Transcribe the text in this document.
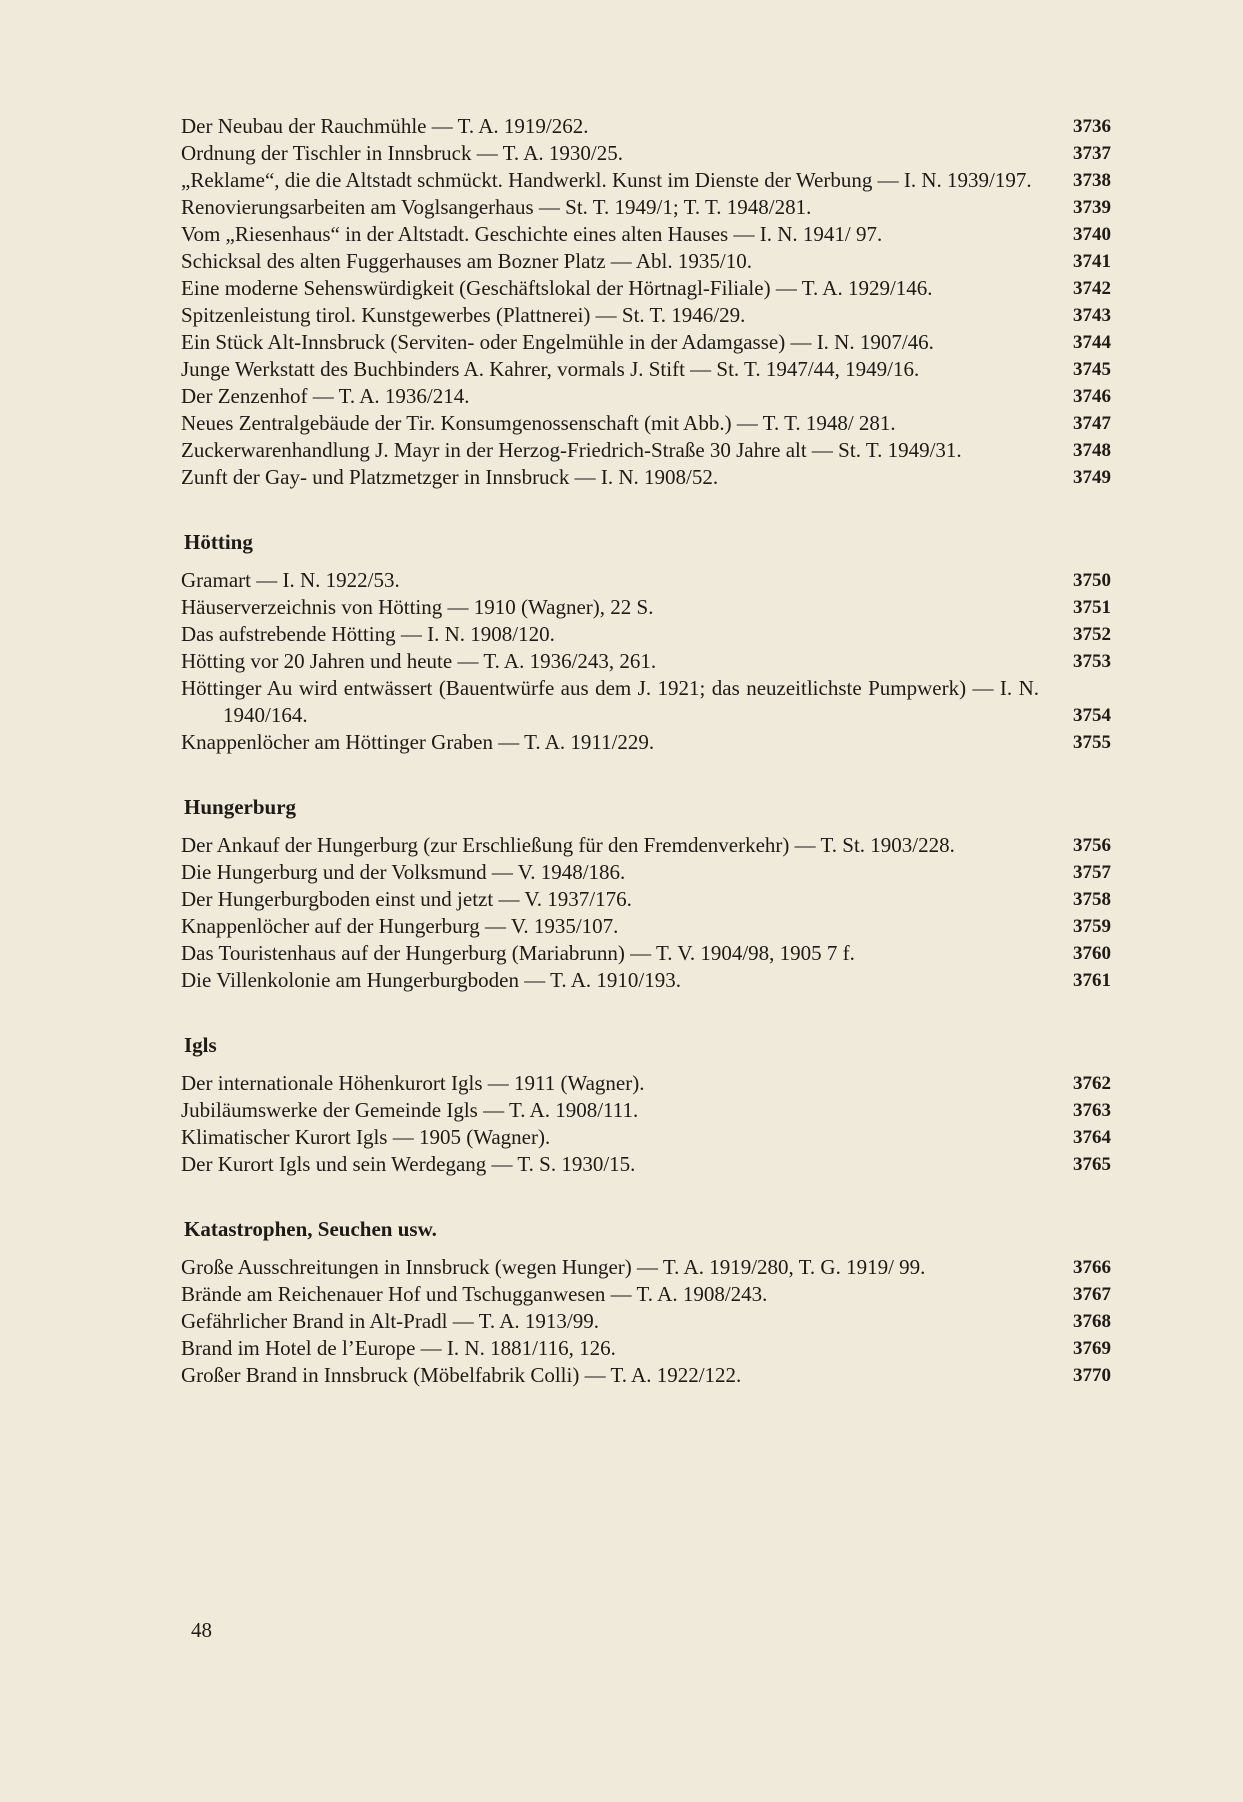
Der Neubau der Rauchmühle — T. A. 1919/262.	3736
Ordnung der Tischler in Innsbruck — T. A. 1930/25.	3737
„Reklame“, die die Altstadt schmückt. Handwerkl. Kunst im Dienste der Werbung — I. N. 1939/197.	3738
Renovierungsarbeiten am Voglsangerhaus — St. T. 1949/1; T. T. 1948/281.	3739
Vom „Riesenhaus“ in der Altstadt. Geschichte eines alten Hauses — I. N. 1941/ 97.	3740
Schicksal des alten Fuggerhauses am Bozner Platz — Abl. 1935/10.	3741
Eine moderne Sehenswürdigkeit (Geschäftslokal der Hörtnagl-Filiale) — T. A. 1929/146.	3742
Spitzenleistung tirol. Kunstgewerbes (Plattnerei) — St. T. 1946/29.	3743
Ein Stück Alt-Innsbruck (Serviten- oder Engelmühle in der Adamgasse) — I. N. 1907/46.	3744
Junge Werkstatt des Buchbinders A. Kahrer, vormals J. Stift — St. T. 1947/44, 1949/16.	3745
Der Zenzenhof — T. A. 1936/214.	3746
Neues Zentralgebäude der Tir. Konsumgenossenschaft (mit Abb.) — T. T. 1948/ 281.	3747
Zuckerwarenhandlung J. Mayr in der Herzog-Friedrich-Straße 30 Jahre alt — St. T. 1949/31.	3748
Zunft der Gay- und Platzmetzger in Innsbruck — I. N. 1908/52.	3749
Hötting
Gramart — I. N. 1922/53.	3750
Häuserverzeichnis von Hötting — 1910 (Wagner), 22 S.	3751
Das aufstrebende Hötting — I. N. 1908/120.	3752
Hötting vor 20 Jahren und heute — T. A. 1936/243, 261.	3753
Höttinger Au wird entwässert (Bauentwürfe aus dem J. 1921; das neuzeitlichste Pumpwerk) — I. N. 1940/164.	3754
Knappenlöcher am Höttinger Graben — T. A. 1911/229.	3755
Hungerburg
Der Ankauf der Hungerburg (zur Erschließung für den Fremdenverkehr) — T. St. 1903/228.	3756
Die Hungerburg und der Volksmund — V. 1948/186.	3757
Der Hungerburgboden einst und jetzt — V. 1937/176.	3758
Knappenlöcher auf der Hungerburg — V. 1935/107.	3759
Das Touristenhaus auf der Hungerburg (Mariabrunn) — T. V. 1904/98, 1905 7 f.	3760
Die Villenkolonie am Hungerburgboden — T. A. 1910/193.	3761
Igls
Der internationale Höhenkurort Igls — 1911 (Wagner).	3762
Jubiläumswerke der Gemeinde Igls — T. A. 1908/111.	3763
Klimatischer Kurort Igls — 1905 (Wagner).	3764
Der Kurort Igls und sein Werdegang — T. S. 1930/15.	3765
Katastrophen, Seuchen usw.
Große Ausschreitungen in Innsbruck (wegen Hunger) — T. A. 1919/280, T. G. 1919/ 99.	3766
Brände am Reichenauer Hof und Tschugganwesen — T. A. 1908/243.	3767
Gefährlicher Brand in Alt-Pradl — T. A. 1913/99.	3768
Brand im Hotel de l’Europe — I. N. 1881/116, 126.	3769
Großer Brand in Innsbruck (Möbelfabrik Colli) — T. A. 1922/122.	3770
48
